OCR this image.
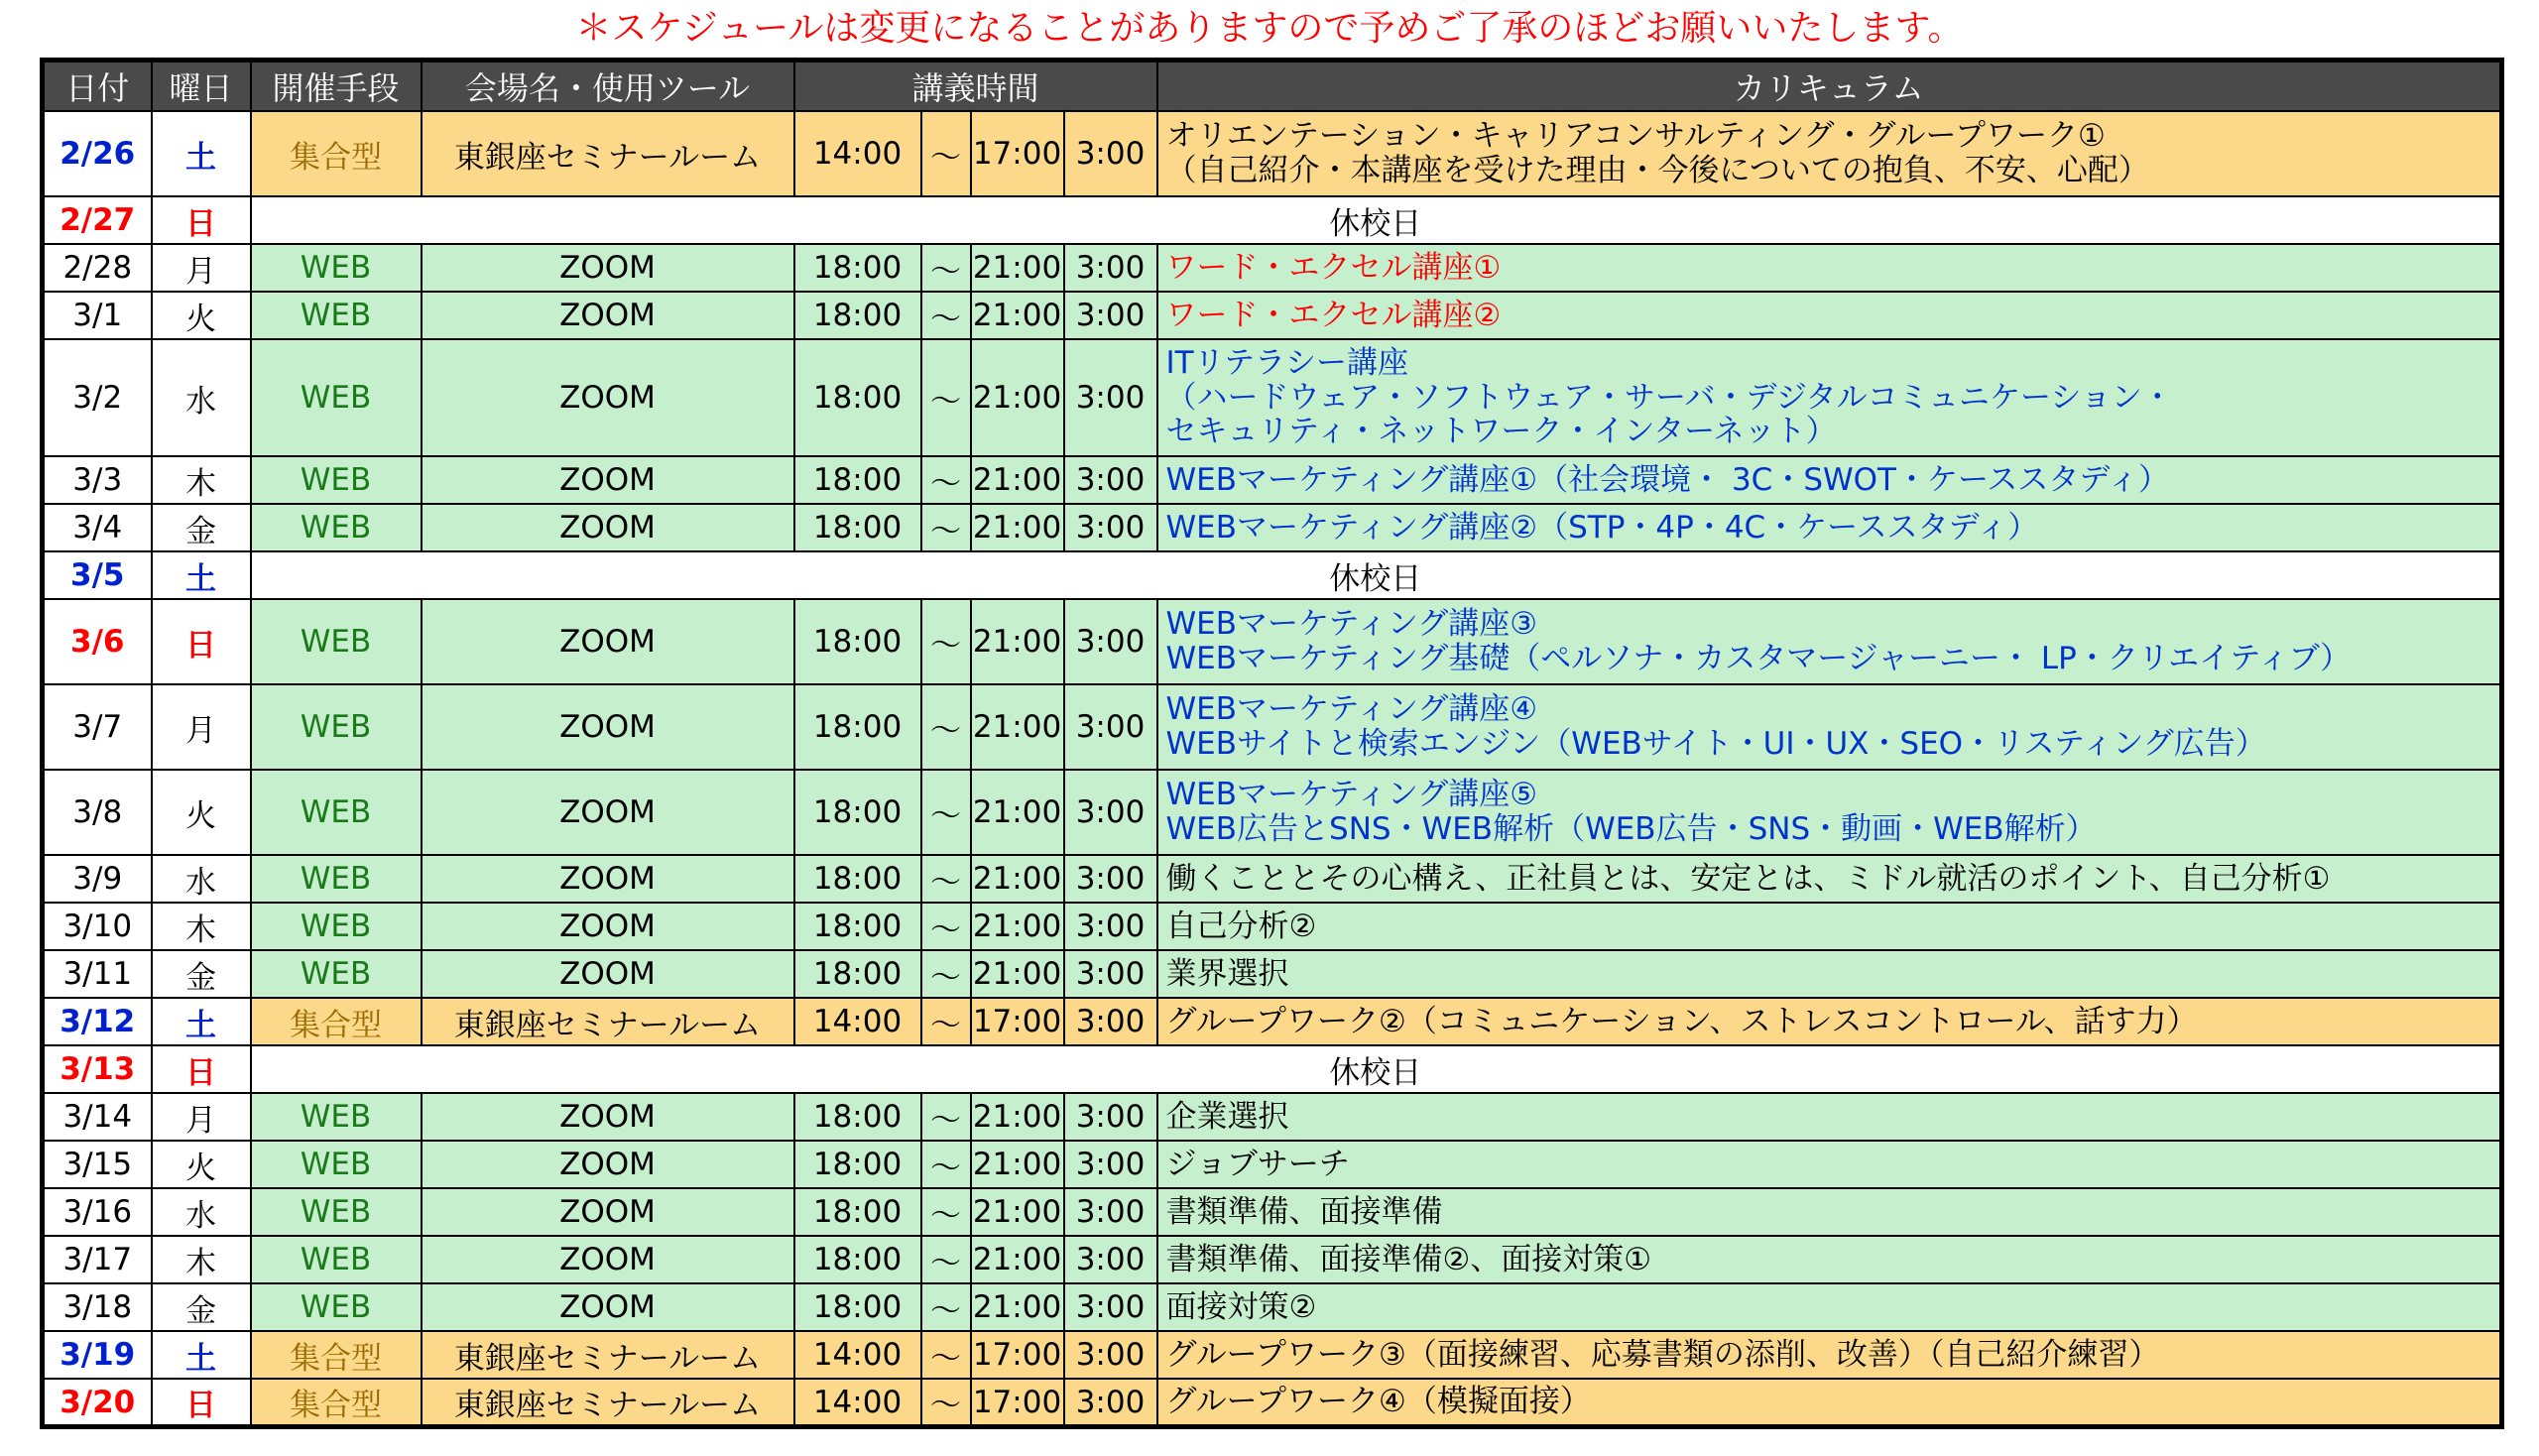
＊スケジュールは変更になることがありますので予めご了承のほどお願いいたします。
日付	曜日	開催手段	会場名・使用ツール	講義時間				カリキュラム
2/26	土	集合型	東銀座セミナールーム	14:00	～	17:00	3:00	オリエンテーション・キャリアコンサルティング・グループワーク①
（自己紹介・本講座を受けた理由・今後についての抱負、不安、心配）

2/27	日	休校日						
2/28	月	WEB	ZOOM	18:00	～	21:00	3:00	ワード・エクセル講座①

3/1	火	WEB	ZOOM	18:00	～	21:00	3:00	ワード・エクセル講座②

3/2	水	WEB	ZOOM	18:00	～	21:00	3:00	ITリテラシー講座
（ハードウェア・ソフトウェア・サーバ・デジタルコミュニケーション・
セキュリティ・ネットワーク・インターネット）

3/3	木	WEB	ZOOM	18:00	～	21:00	3:00	WEBマーケティング講座①（社会環境・ 3C・SWOT・ケーススタディ）

3/4	金	WEB	ZOOM	18:00	～	21:00	3:00	WEBマーケティング講座②（STP・4P・4C・ケーススタディ）

3/5	土	休校日						
3/6	日	WEB	ZOOM	18:00	～	21:00	3:00	WEBマーケティング講座③
WEBマーケティング基礎（ペルソナ・カスタマージャーニー・ LP・クリエイティブ）

3/7	月	WEB	ZOOM	18:00	～	21:00	3:00	WEBマーケティング講座④
WEBサイトと検索エンジン（WEBサイト・UI・UX・SEO・リスティング広告）

3/8	火	WEB	ZOOM	18:00	～	21:00	3:00	WEBマーケティング講座⑤
WEB広告とSNS・WEB解析（WEB広告・SNS・動画・WEB解析）

3/9	水	WEB	ZOOM	18:00	～	21:00	3:00	働くこととその心構え、正社員とは、安定とは、ミドル就活のポイント、自己分析①

3/10	木	WEB	ZOOM	18:00	～	21:00	3:00	自己分析②

3/11	金	WEB	ZOOM	18:00	～	21:00	3:00	業界選択

3/12	土	集合型	東銀座セミナールーム	14:00	～	17:00	3:00	グループワーク②（コミュニケーション、ストレスコントロール、話す力）

3/13	日	休校日						
3/14	月	WEB	ZOOM	18:00	～	21:00	3:00	企業選択

3/15	火	WEB	ZOOM	18:00	～	21:00	3:00	ジョブサーチ

3/16	水	WEB	ZOOM	18:00	～	21:00	3:00	書類準備、面接準備

3/17	木	WEB	ZOOM	18:00	～	21:00	3:00	書類準備、面接準備②、面接対策①

3/18	金	WEB	ZOOM	18:00	～	21:00	3:00	面接対策②

3/19	土	集合型	東銀座セミナールーム	14:00	～	17:00	3:00	グループワーク③（面接練習、応募書類の添削、改善）（自己紹介練習）

3/20	日	集合型	東銀座セミナールーム	14:00	～	17:00	3:00	グループワーク④（模擬面接）
